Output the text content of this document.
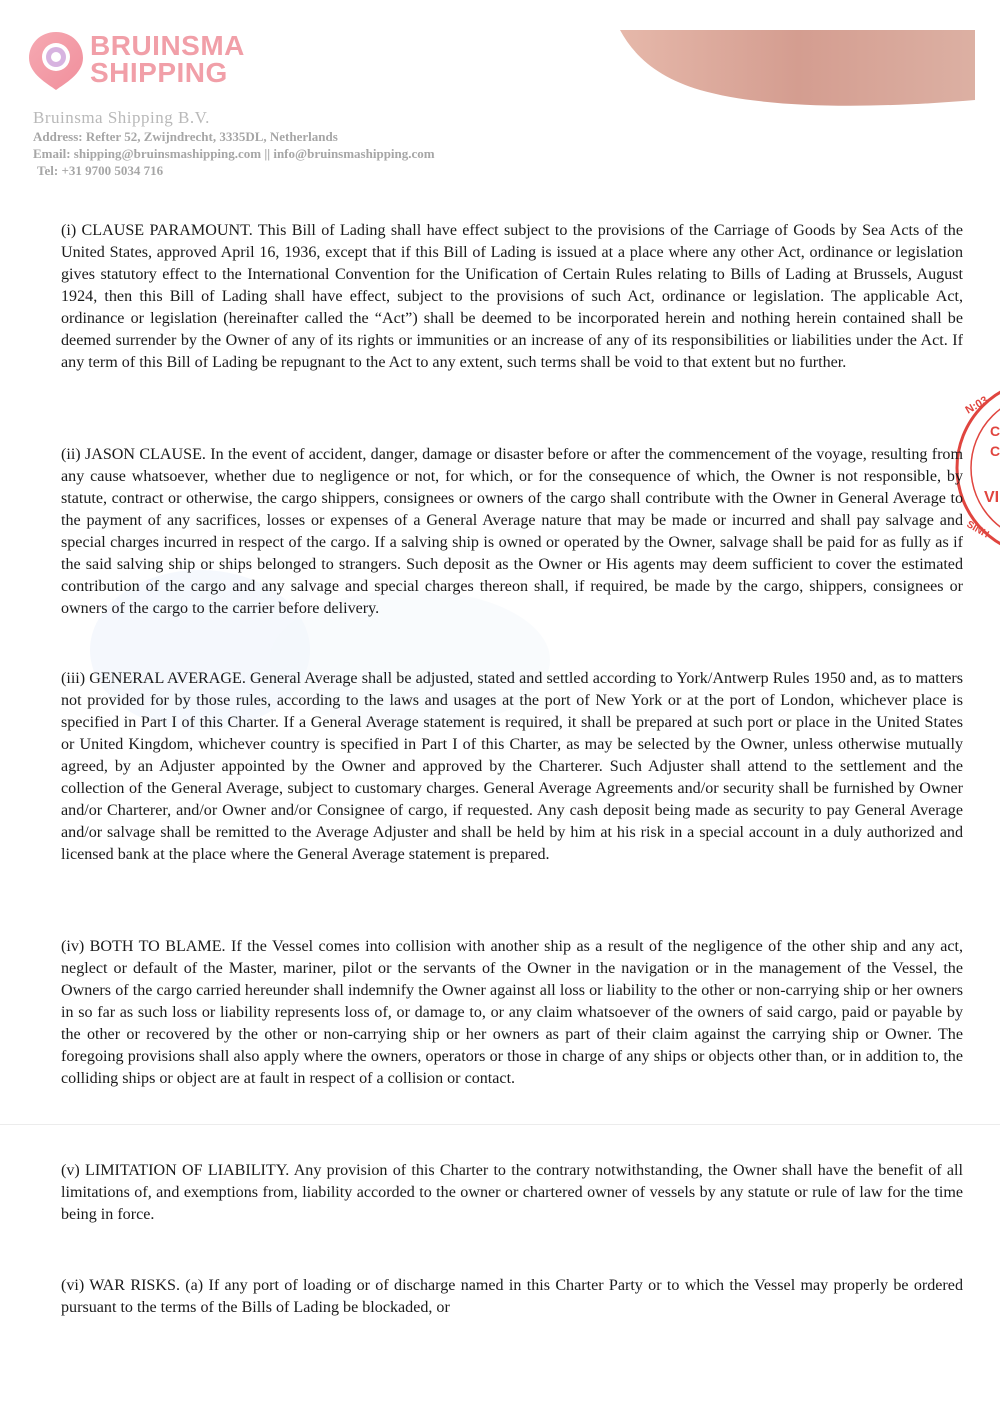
BRUINSMA
SHIPPING
Bruinsma Shipping B.V.
Address: Refter 52, Zwijndrecht, 3335DL, Netherlands
Email: shipping@bruinsmashipping.com || info@bruinsmashipping.com
Tel: +31 9700 5034 716
N:03
C
C
VI
SINH

(i) CLAUSE PARAMOUNT. This Bill of Lading shall have effect subject to the provisions of the Carriage of Goods by Sea Acts of the United States, approved April 16, 1936, except that if this Bill of Lading is issued at a place where any other Act, ordinance or legislation gives statutory effect to the International Convention for the Unification of Certain Rules relating to Bills of Lading at Brussels, August 1924, then this Bill of Lading shall have effect, subject to the provisions of such Act, ordinance or legislation. The applicable Act, ordinance or legislation (hereinafter called the “Act”) shall be deemed to be incorporated herein and nothing herein contained shall be deemed surrender by the Owner of any of its rights or immunities or an increase of any of its responsibilities or liabilities under the Act. If any term of this Bill of Lading be repugnant to the Act to any extent, such terms shall be void to that extent but no further.

(ii) JASON CLAUSE. In the event of accident, danger, damage or disaster before or after the commencement of the voyage, resulting from any cause whatsoever, whether due to negligence or not, for which, or for the consequence of which, the Owner is not responsible, by statute, contract or otherwise, the cargo shippers, consignees or owners of the cargo shall contribute with the Owner in General Average to the payment of any sacrifices, losses or expenses of a General Average nature that may be made or incurred and shall pay salvage and special charges incurred in respect of the cargo. If a salving ship is owned or operated by the Owner, salvage shall be paid for as fully as if the said salving ship or ships belonged to strangers. Such deposit as the Owner or His agents may deem sufficient to cover the estimated contribution of the cargo and any salvage and special charges thereon shall, if required, be made by the cargo, shippers, consignees or owners of the cargo to the carrier before delivery.

(iii) GENERAL AVERAGE. General Average shall be adjusted, stated and settled according to York/Antwerp Rules 1950 and, as to matters not provided for by those rules, according to the laws and usages at the port of New York or at the port of London, whichever place is specified in Part I of this Charter. If a General Average statement is required, it shall be prepared at such port or place in the United States or United Kingdom, whichever country is specified in Part I of this Charter, as may be selected by the Owner, unless otherwise mutually agreed, by an Adjuster appointed by the Owner and approved by the Charterer. Such Adjuster shall attend to the settlement and the collection of the General Average, subject to customary charges. General Average Agreements and/or security shall be furnished by Owner and/or Charterer, and/or Owner and/or Consignee of cargo, if requested. Any cash deposit being made as security to pay General Average and/or salvage shall be remitted to the Average Adjuster and shall be held by him at his risk in a special account in a duly authorized and licensed bank at the place where the General Average statement is prepared.

(iv) BOTH TO BLAME. If the Vessel comes into collision with another ship as a result of the negligence of the other ship and any act, neglect or default of the Master, mariner, pilot or the servants of the Owner in the navigation or in the management of the Vessel, the Owners of the cargo carried hereunder shall indemnify the Owner against all loss or liability to the other or non-carrying ship or her owners in so far as such loss or liability represents loss of, or damage to, or any claim whatsoever of the owners of said cargo, paid or payable by the other or recovered by the other or non-carrying ship or her owners as part of their claim against the carrying ship or Owner. The foregoing provisions shall also apply where the owners, operators or those in charge of any ships or objects other than, or in addition to, the colliding ships or object are at fault in respect of a collision or contact.

(v) LIMITATION OF LIABILITY. Any provision of this Charter to the contrary notwithstanding, the Owner shall have the benefit of all limitations of, and exemptions from, liability accorded to the owner or chartered owner of vessels by any statute or rule of law for the time being in force.

(vi) WAR RISKS. (a) If any port of loading or of discharge named in this Charter Party or to which the Vessel may properly be ordered pursuant to the terms of the Bills of Lading be blockaded, or
